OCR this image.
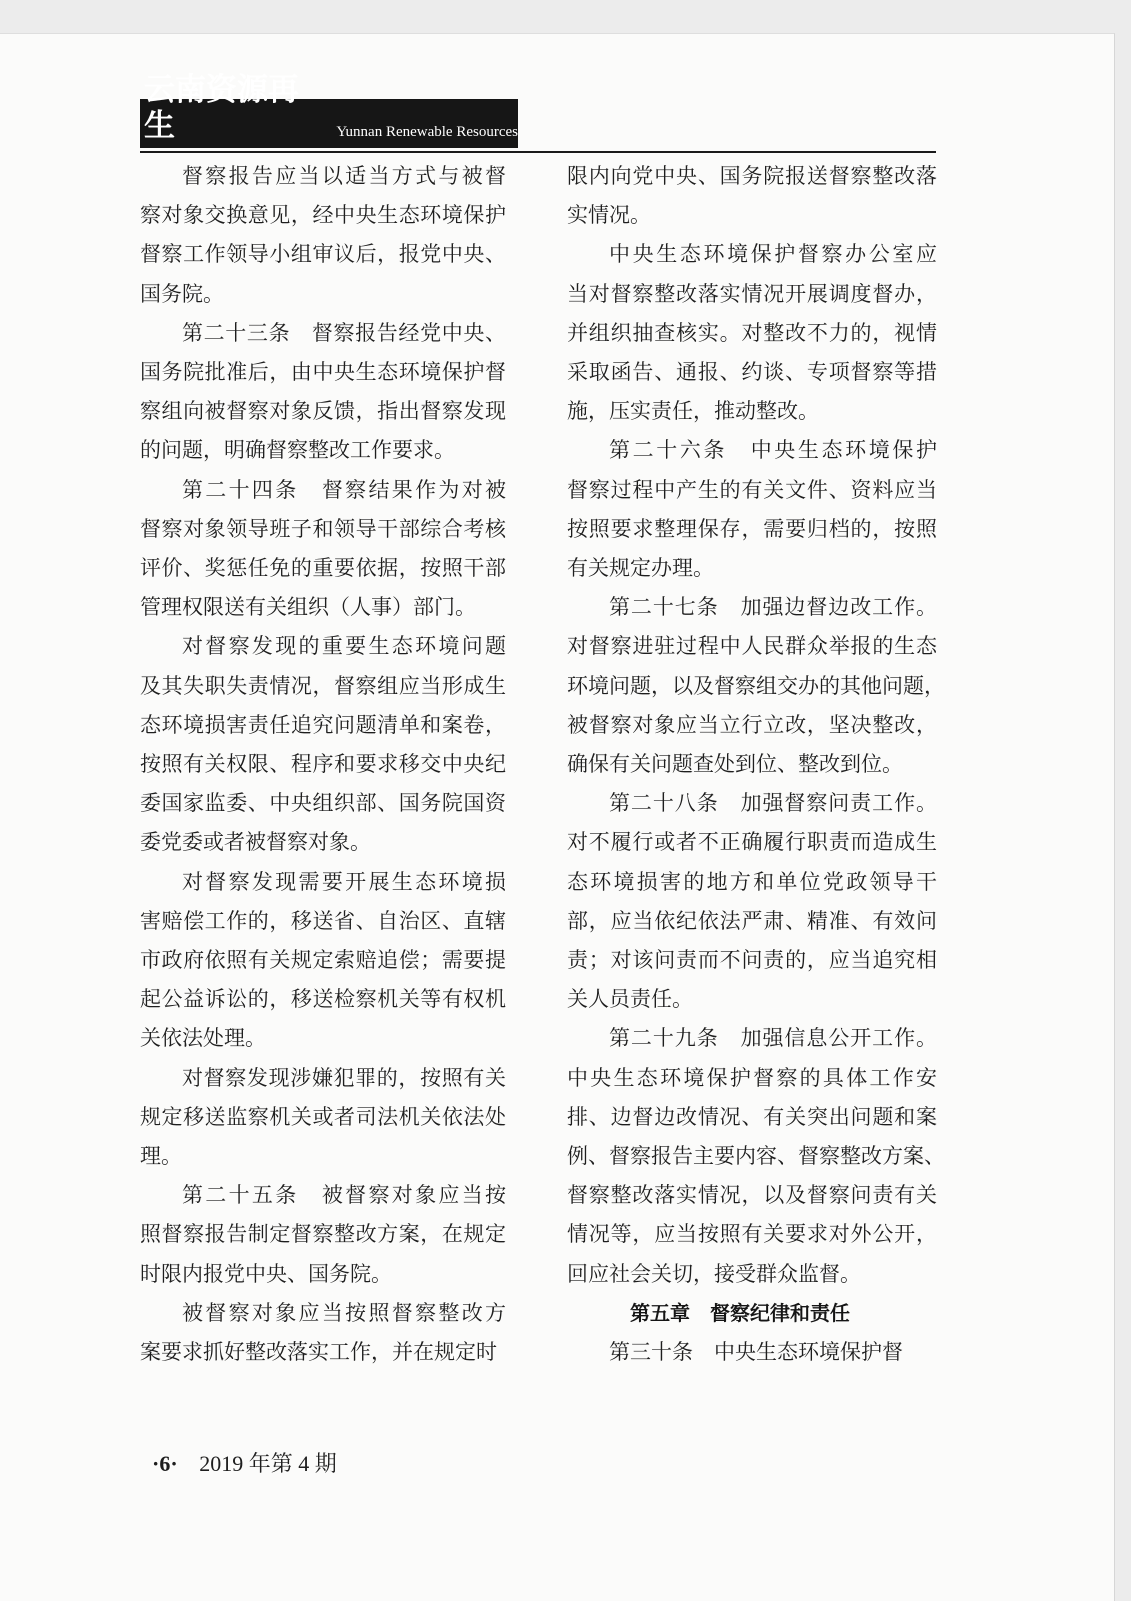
云南资源再生	Yunnan Renewable Resources

督察报告应当以适当方式与被督
察对象交换意见，经中央生态环境保护
督察工作领导小组审议后，报党中央、
国务院。

第二十三条　督察报告经党中央、
国务院批准后，由中央生态环境保护督
察组向被督察对象反馈，指出督察发现
的问题，明确督察整改工作要求。

第二十四条　督察结果作为对被
督察对象领导班子和领导干部综合考核
评价、奖惩任免的重要依据，按照干部
管理权限送有关组织（人事）部门。

对督察发现的重要生态环境问题
及其失职失责情况，督察组应当形成生
态环境损害责任追究问题清单和案卷，
按照有关权限、程序和要求移交中央纪
委国家监委、中央组织部、国务院国资
委党委或者被督察对象。

对督察发现需要开展生态环境损
害赔偿工作的，移送省、自治区、直辖
市政府依照有关规定索赔追偿；需要提
起公益诉讼的，移送检察机关等有权机
关依法处理。

对督察发现涉嫌犯罪的，按照有关
规定移送监察机关或者司法机关依法处
理。

第二十五条　被督察对象应当按
照督察报告制定督察整改方案，在规定
时限内报党中央、国务院。

被督察对象应当按照督察整改方
案要求抓好整改落实工作，并在规定时

限内向党中央、国务院报送督察整改落
实情况。

中央生态环境保护督察办公室应
当对督察整改落实情况开展调度督办，
并组织抽查核实。对整改不力的，视情
采取函告、通报、约谈、专项督察等措
施，压实责任，推动整改。

第二十六条　中央生态环境保护
督察过程中产生的有关文件、资料应当
按照要求整理保存，需要归档的，按照
有关规定办理。

第二十七条　加强边督边改工作。
对督察进驻过程中人民群众举报的生态
环境问题，以及督察组交办的其他问题，
被督察对象应当立行立改，坚决整改，
确保有关问题查处到位、整改到位。

第二十八条　加强督察问责工作。
对不履行或者不正确履行职责而造成生
态环境损害的地方和单位党政领导干
部，应当依纪依法严肃、精准、有效问
责；对该问责而不问责的，应当追究相
关人员责任。

第二十九条　加强信息公开工作。
中央生态环境保护督察的具体工作安
排、边督边改情况、有关突出问题和案
例、督察报告主要内容、督察整改方案、
督察整改落实情况，以及督察问责有关
情况等，应当按照有关要求对外公开，
回应社会关切，接受群众监督。

第五章　督察纪律和责任

第三十条　中央生态环境保护督

·6· 2019 年第 4 期
